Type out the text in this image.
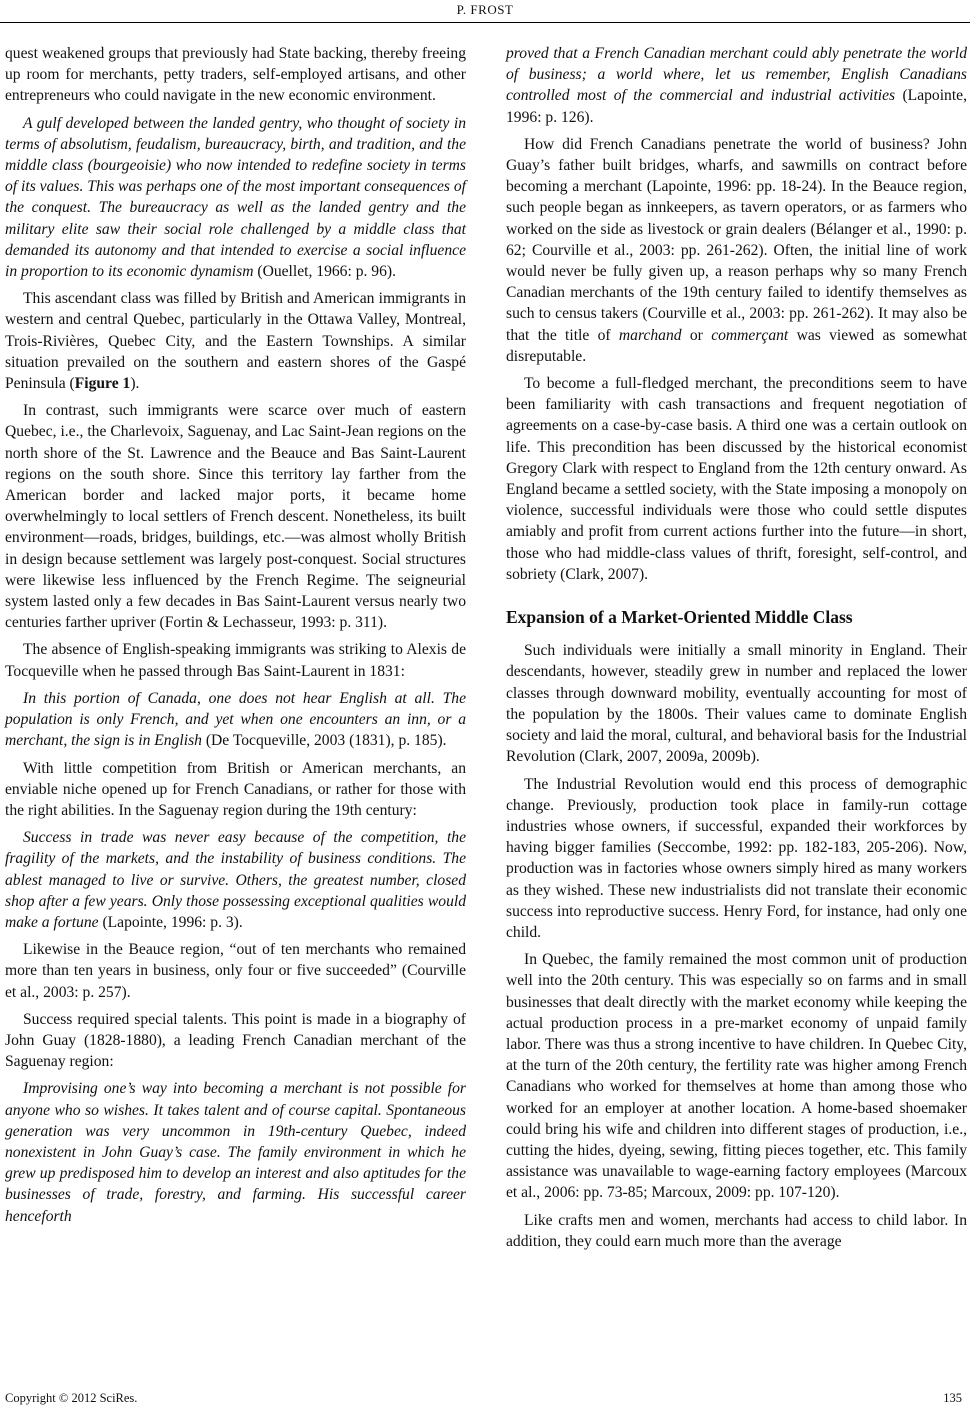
P. FROST

quest weakened groups that previously had State backing, thereby freeing up room for merchants, petty traders, self-employed artisans, and other entrepreneurs who could navigate in the new economic environment.

A gulf developed between the landed gentry, who thought of society in terms of absolutism, feudalism, bureaucracy, birth, and tradition, and the middle class (bourgeoisie) who now intended to redefine society in terms of its values. This was perhaps one of the most important consequences of the conquest. The bureaucracy as well as the landed gentry and the military elite saw their social role challenged by a middle class that demanded its autonomy and that intended to exercise a social influence in proportion to its economic dynamism (Ouellet, 1966: p. 96).

This ascendant class was filled by British and American immigrants in western and central Quebec, particularly in the Ottawa Valley, Montreal, Trois-Rivières, Quebec City, and the Eastern Townships. A similar situation prevailed on the southern and eastern shores of the Gaspé Peninsula (Figure 1).

In contrast, such immigrants were scarce over much of eastern Quebec, i.e., the Charlevoix, Saguenay, and Lac Saint-Jean regions on the north shore of the St. Lawrence and the Beauce and Bas Saint-Laurent regions on the south shore. Since this territory lay farther from the American border and lacked major ports, it became home overwhelmingly to local settlers of French descent. Nonetheless, its built environment—roads, bridges, buildings, etc.—was almost wholly British in design because settlement was largely post-conquest. Social structures were likewise less influenced by the French Regime. The seigneurial system lasted only a few decades in Bas Saint-Laurent versus nearly two centuries farther upriver (Fortin & Lechasseur, 1993: p. 311).

The absence of English-speaking immigrants was striking to Alexis de Tocqueville when he passed through Bas Saint-Laurent in 1831:

In this portion of Canada, one does not hear English at all. The population is only French, and yet when one encounters an inn, or a merchant, the sign is in English (De Tocqueville, 2003 (1831), p. 185).

With little competition from British or American merchants, an enviable niche opened up for French Canadians, or rather for those with the right abilities. In the Saguenay region during the 19th century:

Success in trade was never easy because of the competition, the fragility of the markets, and the instability of business conditions. The ablest managed to live or survive. Others, the greatest number, closed shop after a few years. Only those possessing exceptional qualities would make a fortune (Lapointe, 1996: p. 3).

Likewise in the Beauce region, “out of ten merchants who remained more than ten years in business, only four or five succeeded” (Courville et al., 2003: p. 257).

Success required special talents. This point is made in a biography of John Guay (1828-1880), a leading French Canadian merchant of the Saguenay region:

Improvising one’s way into becoming a merchant is not possible for anyone who so wishes. It takes talent and of course capital. Spontaneous generation was very uncommon in 19th-century Quebec, indeed nonexistent in John Guay’s case. The family environment in which he grew up predisposed him to develop an interest and also aptitudes for the businesses of trade, forestry, and farming. His successful career henceforth

proved that a French Canadian merchant could ably penetrate the world of business; a world where, let us remember, English Canadians controlled most of the commercial and industrial activities (Lapointe, 1996: p. 126).

How did French Canadians penetrate the world of business? John Guay’s father built bridges, wharfs, and sawmills on contract before becoming a merchant (Lapointe, 1996: pp. 18-24). In the Beauce region, such people began as innkeepers, as tavern operators, or as farmers who worked on the side as livestock or grain dealers (Bélanger et al., 1990: p. 62; Courville et al., 2003: pp. 261-262). Often, the initial line of work would never be fully given up, a reason perhaps why so many French Canadian merchants of the 19th century failed to identify themselves as such to census takers (Courville et al., 2003: pp. 261-262). It may also be that the title of marchand or commerçant was viewed as somewhat disreputable.

To become a full-fledged merchant, the preconditions seem to have been familiarity with cash transactions and frequent negotiation of agreements on a case-by-case basis. A third one was a certain outlook on life. This precondition has been discussed by the historical economist Gregory Clark with respect to England from the 12th century onward. As England became a settled society, with the State imposing a monopoly on violence, successful individuals were those who could settle disputes amiably and profit from current actions further into the future—in short, those who had middle-class values of thrift, foresight, self-control, and sobriety (Clark, 2007).

Expansion of a Market-Oriented Middle Class

Such individuals were initially a small minority in England. Their descendants, however, steadily grew in number and replaced the lower classes through downward mobility, eventually accounting for most of the population by the 1800s. Their values came to dominate English society and laid the moral, cultural, and behavioral basis for the Industrial Revolution (Clark, 2007, 2009a, 2009b).

The Industrial Revolution would end this process of demographic change. Previously, production took place in family-run cottage industries whose owners, if successful, expanded their workforces by having bigger families (Seccombe, 1992: pp. 182-183, 205-206). Now, production was in factories whose owners simply hired as many workers as they wished. These new industrialists did not translate their economic success into reproductive success. Henry Ford, for instance, had only one child.

In Quebec, the family remained the most common unit of production well into the 20th century. This was especially so on farms and in small businesses that dealt directly with the market economy while keeping the actual production process in a pre-market economy of unpaid family labor. There was thus a strong incentive to have children. In Quebec City, at the turn of the 20th century, the fertility rate was higher among French Canadians who worked for themselves at home than among those who worked for an employer at another location. A home-based shoemaker could bring his wife and children into different stages of production, i.e., cutting the hides, dyeing, sewing, fitting pieces together, etc. This family assistance was unavailable to wage-earning factory employees (Marcoux et al., 2006: pp. 73-85; Marcoux, 2009: pp. 107-120).

Like crafts men and women, merchants had access to child labor. In addition, they could earn much more than the average

Copyright © 2012 SciRes.	135
